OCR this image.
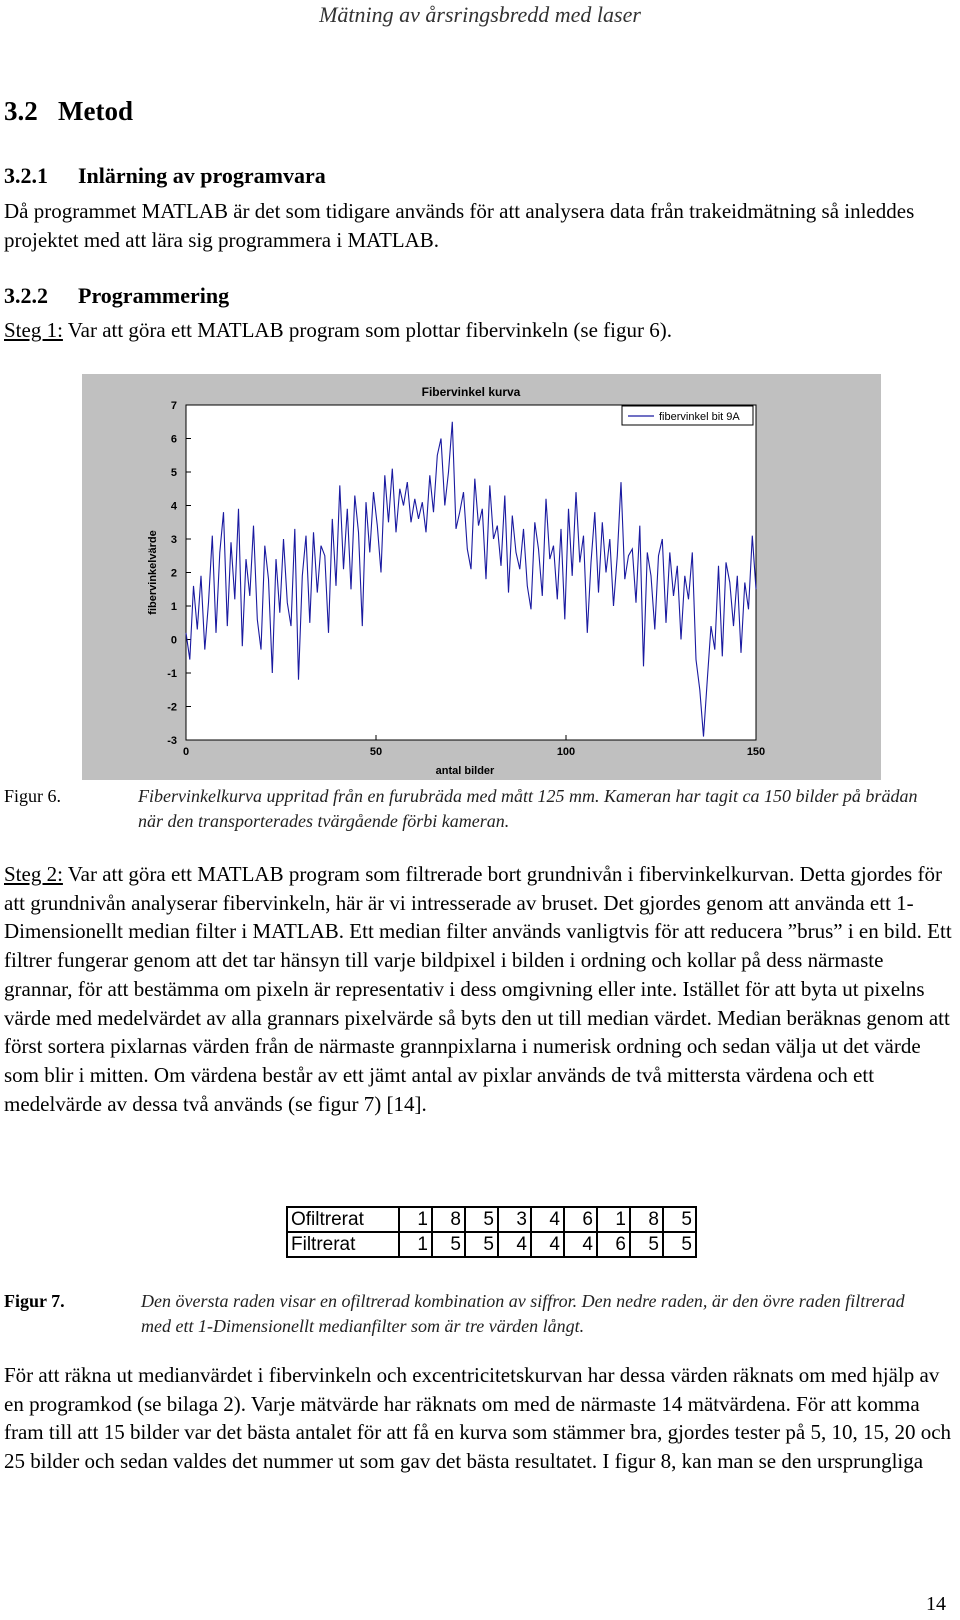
Mätning av årsringsbredd med laser
3.2 Metod
3.2.1 Inlärning av programvara

Då programmet MATLAB är det som tidigare används för att analysera data från trakeidmätning så inleddes projektet med att lära sig programmera i MATLAB.

3.2.2 Programmering

Steg 1: Var att göra ett MATLAB program som plottar fibervinkeln (se figur 6).

Fibervinkel kurva
-3
-2
-1
0
1
2
3
4
5
6
7
0	50	100	150
antal bilder
fibervinkelvärde
fibervinkel bit 9A
Figur 6.	Fibervinkelkurva uppritad från en furubräda med mått 125 mm. Kameran har tagit ca 150 bilder på brädan när den transporterades tvärgående förbi kameran.

Steg 2: Var att göra ett MATLAB program som filtrerade bort grundnivån i fibervinkelkurvan. Detta gjordes för att grundnivån analyserar fibervinkeln, här är vi intresserade av bruset. Det gjordes genom att använda ett 1-Dimensionellt median filter i MATLAB. Ett median filter används vanligtvis för att reducera ”brus” i en bild. Ett filtrer fungerar genom att det tar hänsyn till varje bildpixel i bilden i ordning och kollar på dess närmaste grannar, för att bestämma om pixeln är representativ i dess omgivning eller inte. Istället för att byta ut pixelns värde med medelvärdet av alla grannars pixelvärde så byts den ut till median värdet. Median beräknas genom att först sortera pixlarnas värden från de närmaste grannpixlarna i numerisk ordning och sedan välja ut det värde som blir i mitten. Om värdena består av ett jämt antal av pixlar används de två mittersta värdena och ett medelvärde av dessa två används (se figur 7) [14].

Ofiltrerat	1	8	5	3	4	6	1	8	5
Filtrerat	1	5	5	4	4	4	6	5	5
Figur 7.	Den översta raden visar en ofiltrerad kombination av siffror. Den nedre raden, är den övre raden filtrerad med ett 1-Dimensionellt medianfilter som är tre värden långt.

För att räkna ut medianvärdet i fibervinkeln och excentricitetskurvan har dessa värden räknats om med hjälp av en programkod (se bilaga 2). Varje mätvärde har räknats om med de närmaste 14 mätvärdena. För att komma fram till att 15 bilder var det bästa antalet för att få en kurva som stämmer bra, gjordes tester på 5, 10, 15, 20 och 25 bilder och sedan valdes det nummer ut som gav det bästa resultatet. I figur 8, kan man se den ursprungliga

14
